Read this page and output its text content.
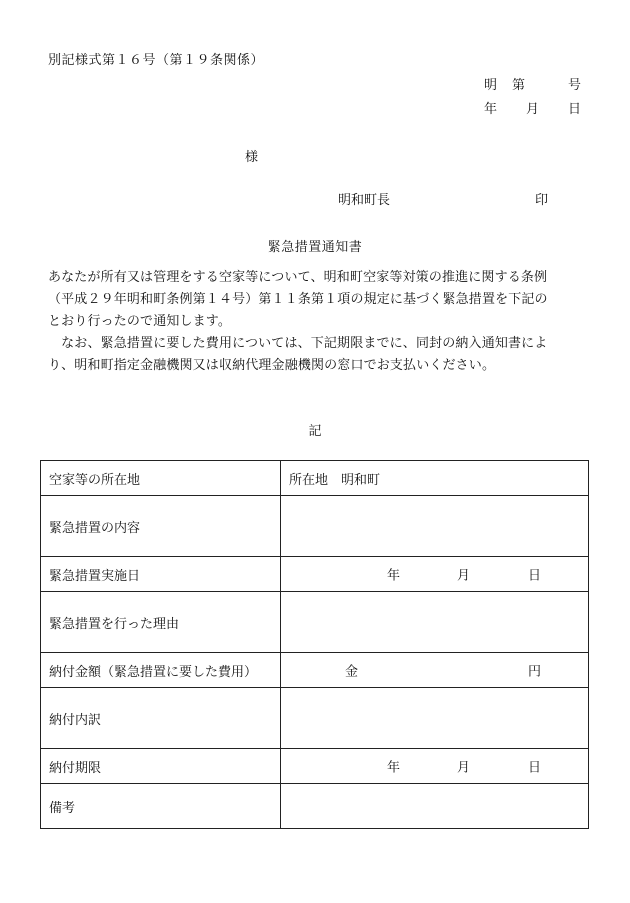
別記様式第１６号（第１９条関係）
明 第	号
年 月 日
様
明和町長	印
緊急措置通知書

あなたが所有又は管理をする空家等について、明和町空家等対策の推進に関する条例

（平成２９年明和町条例第１４号）第１１条第１項の規定に基づく緊急措置を下記の

とおり行ったので通知します。

　なお、緊急措置に要した費用については、下記期限までに、同封の納入通知書によ

り、明和町指定金融機関又は収納代理金融機関の窓口でお支払いください。

記
空家等の所在地	所在地 明和町
緊急措置の内容	
緊急措置実施日	年 月 日

緊急措置を行った理由	
納付金額（緊急措置に要した費用）	金 円

納付内訳	
納付期限	年 月 日

備考	
